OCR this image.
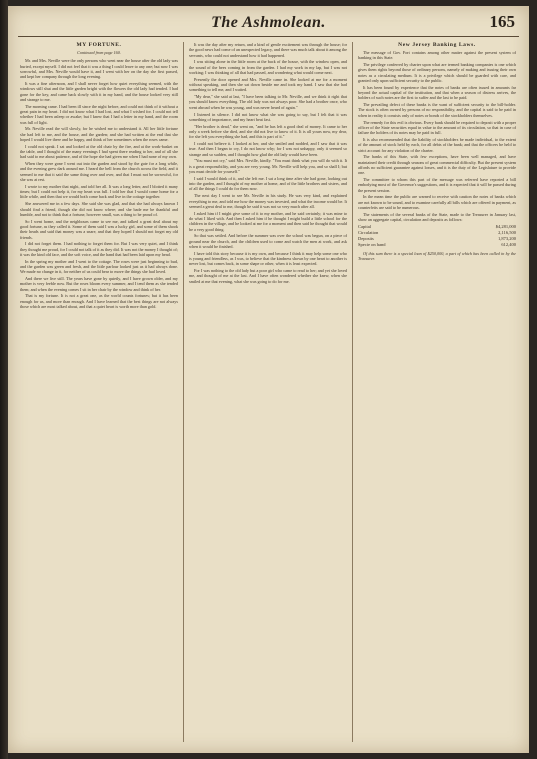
The Ashmolean.	165
MY FORTUNE.
Continued from page 160.

Mr. and Mrs. Neville were the only persons who went near the house after the old lady was buried, except myself. I did not feel that it was a thing I could leave to any one; but now I was sorrowful, and Mrs. Neville would have it, and I went with her on the day she first passed, and kept her company through the long evening.

It was a fine afternoon, and I shall never forget how quiet everything seemed, with the windows still shut and the little garden bright with the flowers the old lady had tended. I had gone for the key, and came back slowly with it in my hand, and the house looked very still and strange to me.

The morning came. I had been ill since the night before, and could not think of it without a great pain in my heart. I did not know what I had lost, and what I wished for. I could not tell whether I had been asleep or awake; but I knew that I had a letter in my hand, and the room was full of light.

Mr. Neville read the will slowly, for he wished me to understand it. All her little fortune she had left to me, and the house, and the garden; and she had written at the end that she hoped I would live there and be happy, and think of her sometimes when the roses came.

I could not speak. I sat and looked at the old chair by the fire, and at the work-basket on the table, and I thought of the many evenings I had spent there reading to her, and of all she had said to me about patience, and of the hope she had given me when I had none of my own.

When they were gone I went out into the garden and stood by the gate for a long while, and the evening grew dark around me. I heard the bell from the church across the field, and it seemed to me that it said the same thing over and over, and that I must not be sorrowful, for she was at rest.

I wrote to my mother that night, and told her all. It was a long letter, and I blotted it many times; but I could not help it, for my heart was full. I told her that I would come home for a little while, and then that we would both come back and live in the cottage together.

She answered me in a few days. She said she was glad, and that she had always known I should find a friend, though she did not know where; and she bade me be thankful and humble, and not to think that a fortune, however small, was a thing to be proud of.

So I went home, and the neighbours came to see me, and talked a great deal about my good fortune, as they called it. Some of them said I was a lucky girl, and some of them shook their heads and said that money was a snare, and that they hoped I should not forget my old friends.

I did not forget them. I had nothing to forget them for. But I was very quiet, and I think they thought me proud, for I could not talk of it as they did. It was not the money I thought of; it was the kind old face, and the soft voice, and the hand that had been laid upon my head.

In the spring my mother and I went to the cottage. The roses were just beginning to bud, and the garden was green and fresh, and the little parlour looked just as it had always done. We made no change in it, for neither of us could bear to move the things she had loved.

And there we live still. The years have gone by quietly, and I have grown older, and my mother is very feeble now. But the roses bloom every summer, and I tend them as she tended them; and when the evening comes I sit in her chair by the window and think of her.

That is my fortune. It is not a great one, as the world counts fortunes; but it has been enough for us, and more than enough. And I have learned that the best things are not always those which are most talked about, and that a quiet heart is worth more than gold.

It was the day after my return, and a kind of gentle excitement was through the house; for the good news had come of an unexpected legacy, and there was much talk about it among the servants, who could not understand how it had happened.

I was sitting alone in the little room at the back of the house, with the window open, and the sound of the bees coming in from the garden. I had my work in my lap, but I was not working; I was thinking of all that had passed, and wondering what would come next.

Presently the door opened and Mrs. Neville came in. She looked at me for a moment without speaking, and then she sat down beside me and took my hand. I saw that she had something to tell me, and I waited.

"My dear," she said at last, "I have been talking to Mr. Neville, and we think it right that you should know everything. The old lady was not always poor. She had a brother once, who went abroad when he was young, and was never heard of again."

I listened in silence. I did not know what she was going to say, but I felt that it was something of importance, and my heart beat fast.

"Her brother is dead," she went on, "and he has left a good deal of money. It came to her only a week before she died, and she did not live to know of it. It is all yours now, my dear, for she left you everything she had, and this is part of it."

I could not believe it. I looked at her, and she smiled and nodded, and I saw that it was true. And then I began to cry, I do not know why; for I was not unhappy, only it seemed so strange and so sudden, and I thought how glad the old lady would have been.

"You must not cry," said Mrs. Neville, kindly. "You must think what you will do with it. It is a great responsibility, and you are very young. Mr. Neville will help you, and so shall I; but you must decide for yourself."

I said I would think of it, and she left me. I sat a long time after she had gone, looking out into the garden, and I thought of my mother at home, and of the little brothers and sisters, and of all the things I could do for them now.

The next day I went to see Mr. Neville in his study. He was very kind, and explained everything to me, and told me how the money was invested, and what the income would be. It seemed a great deal to me, though he said it was not so very much after all.

I asked him if I might give some of it to my mother, and he said certainly; it was mine to do what I liked with. And then I asked him if he thought I might build a little school for the children in the village, and he looked at me for a moment and then said he thought that would be a very good thing.

So that was settled. And before the summer was over the school was begun, on a piece of ground near the church, and the children used to come and watch the men at work, and ask when it would be finished.

I have told this story because it is my own, and because I think it may help some one who is young and friendless, as I was, to believe that the kindness shown by one heart to another is never lost, but comes back, in some shape or other, when it is least expected.

For I was nothing to the old lady but a poor girl who came to read to her; and yet she loved me, and thought of me at the last. And I have often wondered whether she knew, when she smiled at me that evening, what she was going to do for me.

New Jersey Banking Laws.

The message of Gov. Fort contains among other matter against the present system of banking in this State.

The privilege conferred by charter upon what are termed banking companies is one which gives them rights beyond those of ordinary persons, namely of making and issuing their own notes as a circulating medium. It is a privilege which should be guarded with care, and granted only upon sufficient security to the public.

It has been found by experience that the notes of banks are often issued in amounts far beyond the actual capital of the institution, and that when a season of distress arrives, the holders of such notes are the first to suffer and the last to be paid.

The prevailing defect of these banks is the want of sufficient security to the bill-holder. The stock is often owned by persons of no responsibility, and the capital is said to be paid in when in reality it consists only of notes or bonds of the stockholders themselves.

The remedy for this evil is obvious. Every bank should be required to deposit with a proper officer of the State securities equal in value to the amount of its circulation, so that in case of failure the holders of its notes may be paid in full.

It is also recommended that the liability of stockholders be made individual, to the extent of the amount of stock held by each, for all debts of the bank; and that the officers be held to strict account for any violation of the charter.

The banks of this State, with few exceptions, have been well managed, and have maintained their credit through seasons of great commercial difficulty. But the present system affords no sufficient guarantee against losses, and it is the duty of the Legislature to provide one.

The committee to whom this part of the message was referred have reported a bill embodying most of the Governor's suggestions, and it is expected that it will be passed during the present session.

In the mean time the public are warned to receive with caution the notes of banks which are not known to be sound, and to examine carefully all bills which are offered in payment, as counterfeits are said to be numerous.

The statements of the several banks of the State, made to the Treasurer in January last, show an aggregate capital, circulation and deposits as follows:

Capital	$4,281,000
Circulation	2,116,500
Deposits	1,873,200
Specie on hand	612,400

Of this sum there is a special loan of $250,000, a part of which has been called in by the Treasurer.
